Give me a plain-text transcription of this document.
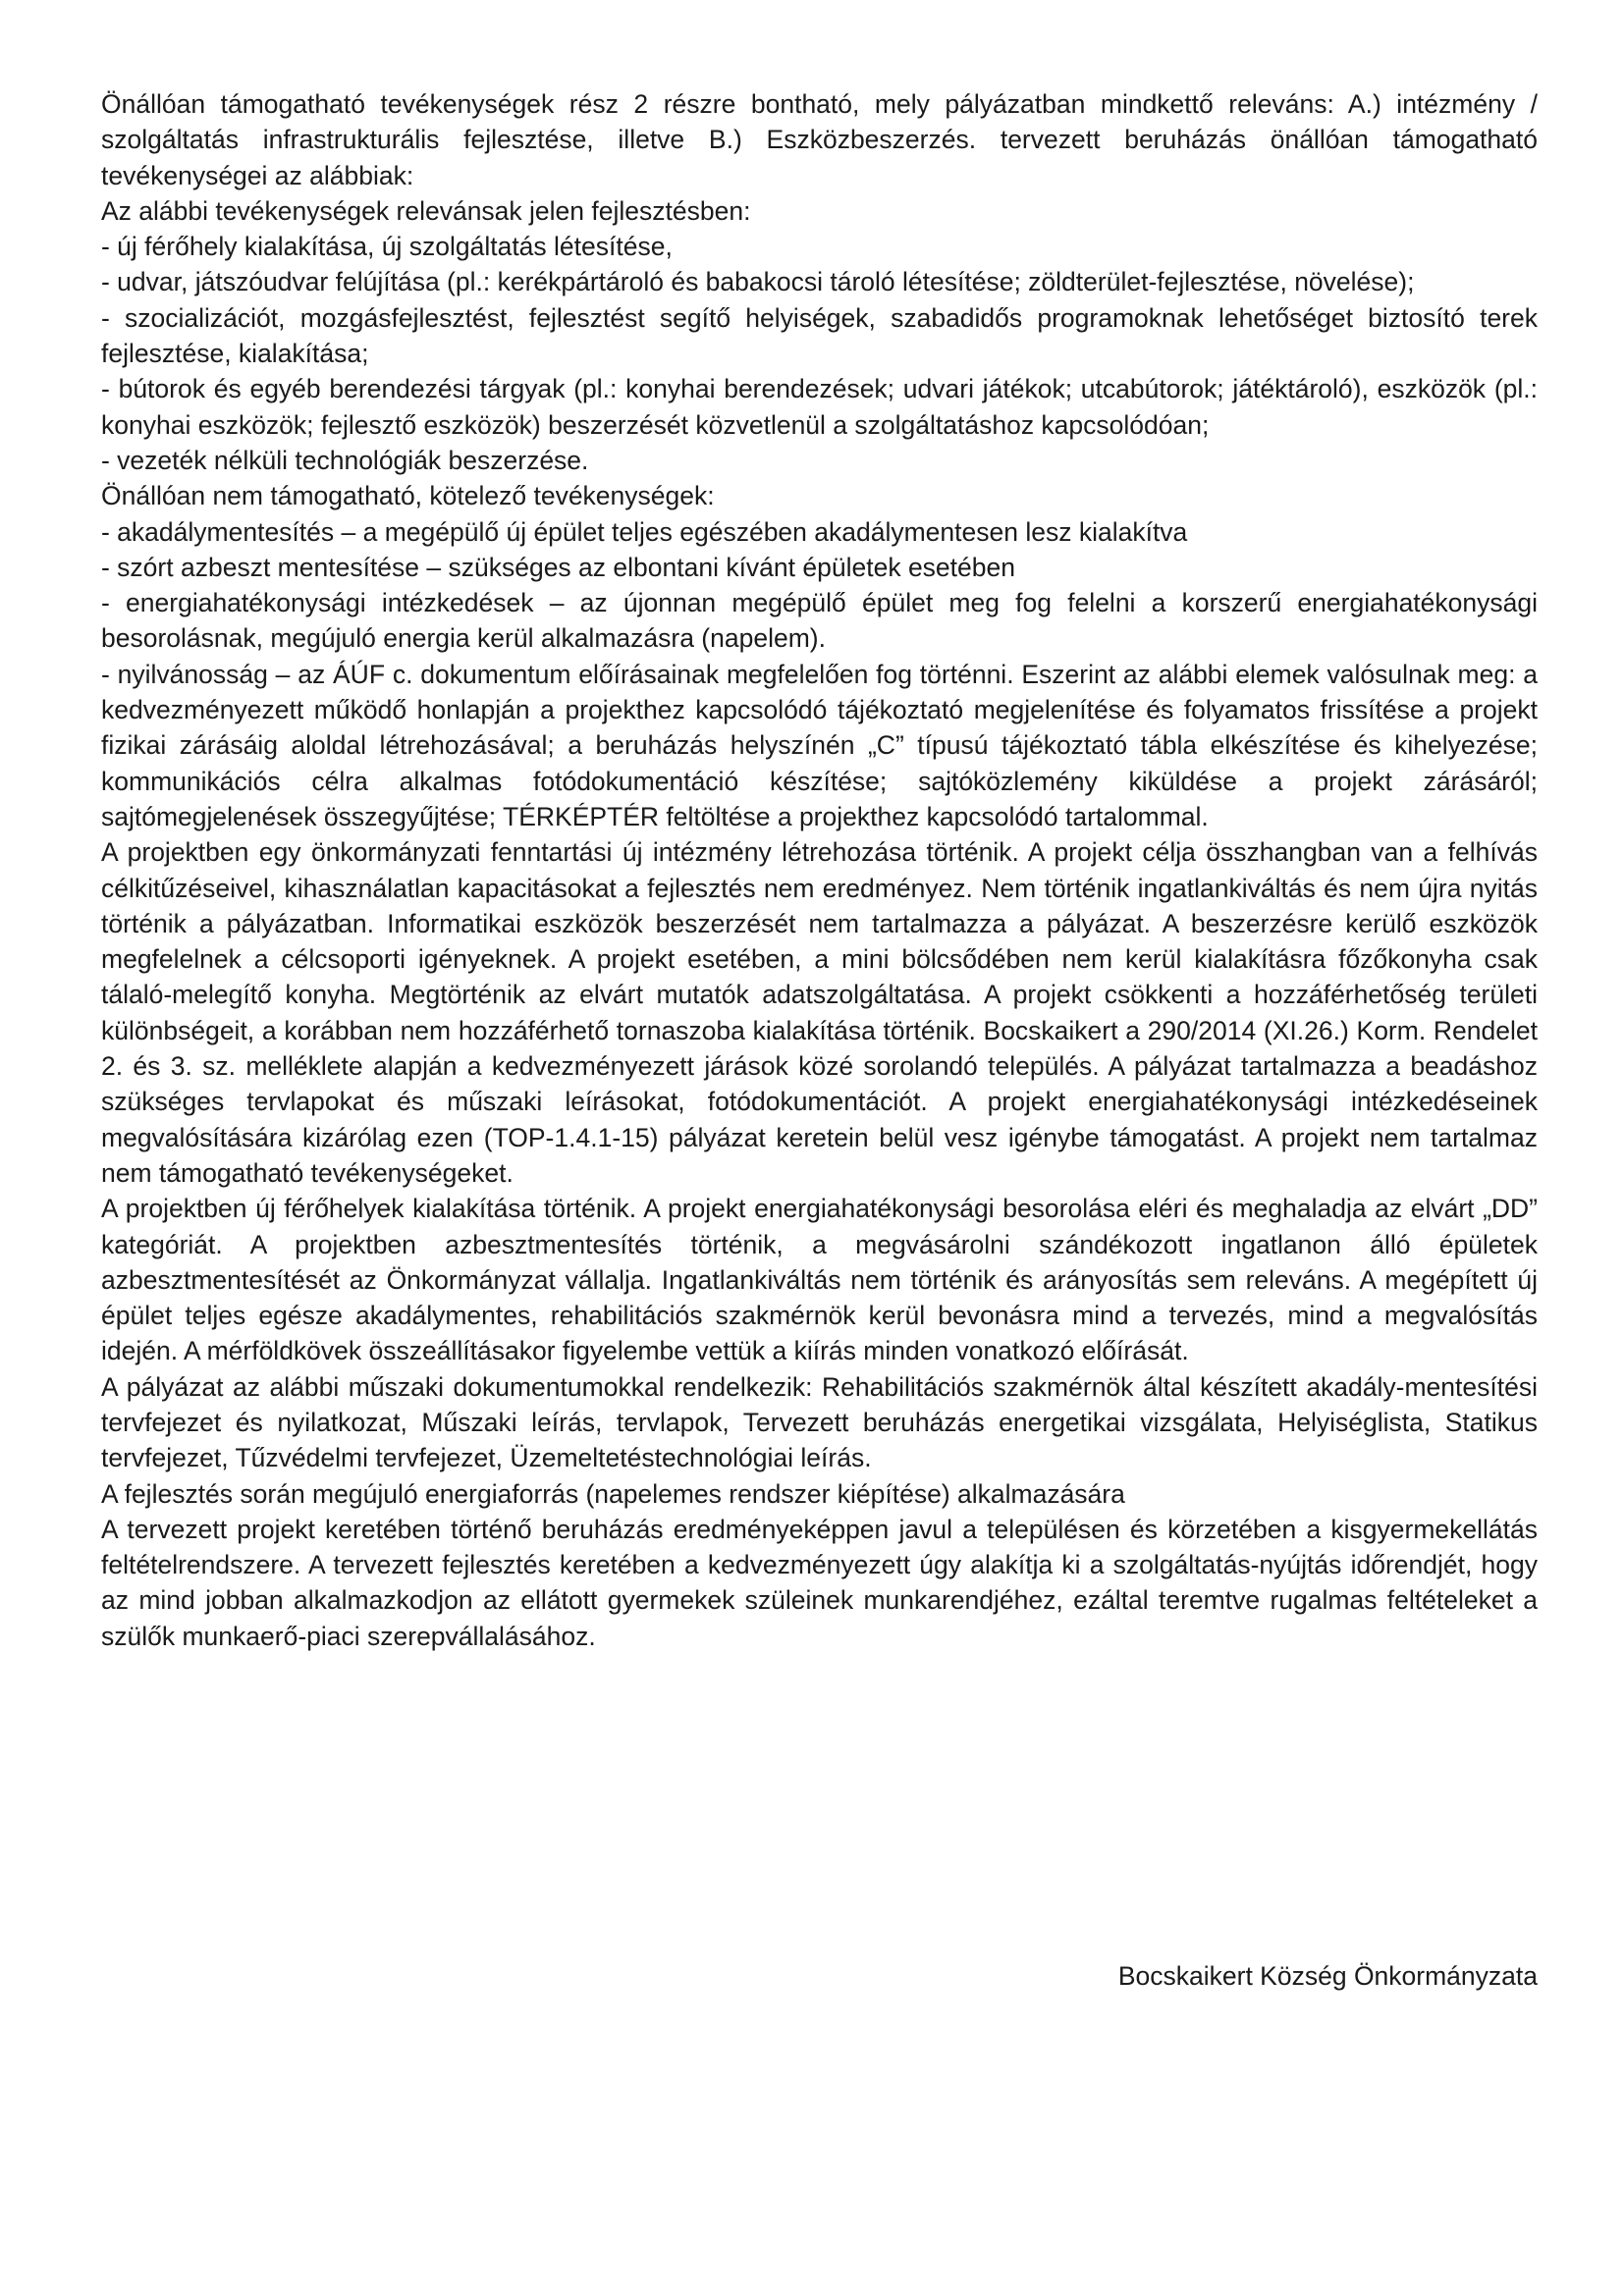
Önállóan támogatható tevékenységek rész 2 részre bontható, mely pályázatban mindkettő releváns: A.) intézmény / szolgáltatás infrastrukturális fejlesztése, illetve B.) Eszközbeszerzés. tervezett beruházás önállóan támogatható tevékenységei az alábbiak:

Az alábbi tevékenységek relevánsak jelen fejlesztésben:

- új férőhely kialakítása, új szolgáltatás létesítése,

- udvar, játszóudvar felújítása (pl.: kerékpártároló és babakocsi tároló létesítése; zöldterület-fejlesztése, növelése);

- szocializációt, mozgásfejlesztést, fejlesztést segítő helyiségek, szabadidős programoknak lehetőséget biztosító terek fejlesztése, kialakítása;

- bútorok és egyéb berendezési tárgyak (pl.: konyhai berendezések; udvari játékok; utcabútorok; játéktároló), eszközök (pl.: konyhai eszközök; fejlesztő eszközök) beszerzését közvetlenül a szolgáltatáshoz kapcsolódóan;

- vezeték nélküli technológiák beszerzése.

Önállóan nem támogatható, kötelező tevékenységek:

- akadálymentesítés – a megépülő új épület teljes egészében akadálymentesen lesz kialakítva

- szórt azbeszt mentesítése – szükséges az elbontani kívánt épületek esetében

- energiahatékonysági intézkedések – az újonnan megépülő épület meg fog felelni a korszerű energiahatékonysági besorolásnak, megújuló energia kerül alkalmazásra (napelem).

- nyilvánosság – az ÁÚF c. dokumentum előírásainak megfelelően fog történni. Eszerint az alábbi elemek valósulnak meg: a kedvezményezett működő honlapján a projekthez kapcsolódó tájékoztató megjelenítése és folyamatos frissítése a projekt fizikai zárásáig aloldal létrehozásával; a beruházás helyszínén „C” típusú tájékoztató tábla elkészítése és kihelyezése; kommunikációs célra alkalmas fotódokumentáció készítése; sajtóközlemény kiküldése a projekt zárásáról; sajtómegjelenések összegyűjtése; TÉRKÉPTÉR feltöltése a projekthez kapcsolódó tartalommal.

A projektben egy önkormányzati fenntartási új intézmény létrehozása történik. A projekt célja összhangban van a felhívás célkitűzéseivel, kihasználatlan kapacitásokat a fejlesztés nem eredményez. Nem történik ingatlankiváltás és nem újra nyitás történik a pályázatban. Informatikai eszközök beszerzését nem tartalmazza a pályázat. A beszerzésre kerülő eszközök megfelelnek a célcsoporti igényeknek. A projekt esetében, a mini bölcsődében nem kerül kialakításra főzőkonyha csak tálaló-melegítő konyha. Megtörténik az elvárt mutatók adatszolgáltatása. A projekt csökkenti a hozzáférhetőség területi különbségeit, a korábban nem hozzáférhető tornaszoba kialakítása történik. Bocskaikert a 290/2014 (XI.26.) Korm. Rendelet 2. és 3. sz. melléklete alapján a kedvezményezett járások közé sorolandó település. A pályázat tartalmazza a beadáshoz szükséges tervlapokat és műszaki leírásokat, fotódokumentációt. A projekt energiahatékonysági intézkedéseinek megvalósítására kizárólag ezen (TOP-1.4.1-15) pályázat keretein belül vesz igénybe támogatást. A projekt nem tartalmaz nem támogatható tevékenységeket.

A projektben új férőhelyek kialakítása történik. A projekt energiahatékonysági besorolása eléri és meghaladja az elvárt „DD” kategóriát. A projektben azbesztmentesítés történik, a megvásárolni szándékozott ingatlanon álló épületek azbesztmentesítését az Önkormányzat vállalja. Ingatlankiváltás nem történik és arányosítás sem releváns. A megépített új épület teljes egésze akadálymentes, rehabilitációs szakmérnök kerül bevonásra mind a tervezés, mind a megvalósítás idején. A mérföldkövek összeállításakor figyelembe vettük a kiírás minden vonatkozó előírását.

A pályázat az alábbi műszaki dokumentumokkal rendelkezik: Rehabilitációs szakmérnök által készített akadály-mentesítési tervfejezet és nyilatkozat, Műszaki leírás, tervlapok, Tervezett beruházás energetikai vizsgálata, Helyiséglista, Statikus tervfejezet, Tűzvédelmi tervfejezet, Üzemeltetéstechnológiai leírás.

A fejlesztés során megújuló energiaforrás (napelemes rendszer kiépítése) alkalmazására

A tervezett projekt keretében történő beruházás eredményeképpen javul a településen és körzetében a kisgyermekellátás feltételrendszere. A tervezett fejlesztés keretében a kedvezményezett úgy alakítja ki a szolgáltatás-nyújtás időrendjét, hogy az mind jobban alkalmazkodjon az ellátott gyermekek szüleinek munkarendjéhez, ezáltal teremtve rugalmas feltételeket a szülők munkaerő-piaci szerepvállalásához.

Bocskaikert Község Önkormányzata
